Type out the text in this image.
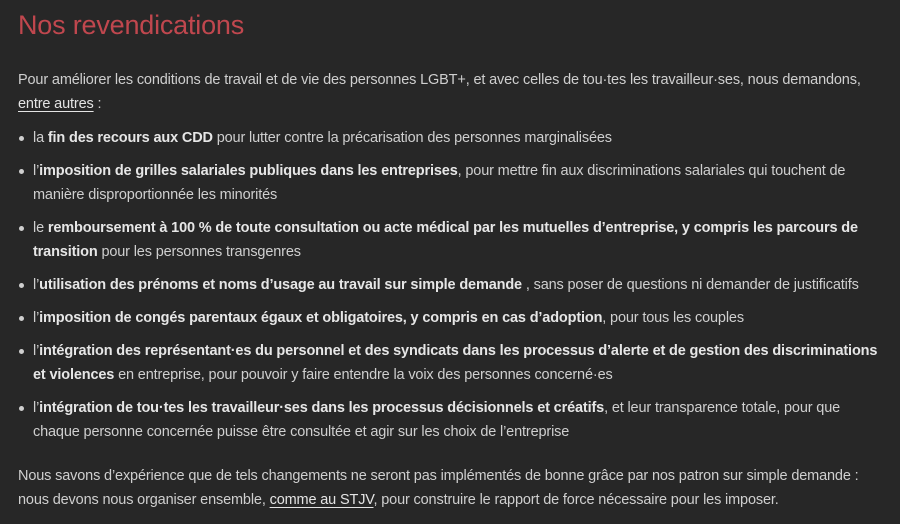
Nos revendications

Pour améliorer les conditions de travail et de vie des personnes LGBT+, et avec celles de tou·tes les travailleur·ses, nous demandons, entre autres :

la fin des recours aux CDD pour lutter contre la précarisation des personnes marginalisées
l’imposition de grilles salariales publiques dans les entreprises, pour mettre fin aux discriminations salariales qui touchent de manière disproportionnée les minorités
le remboursement à 100 % de toute consultation ou acte médical par les mutuelles d’entreprise, y compris les parcours de transition pour les personnes transgenres
l’utilisation des prénoms et noms d’usage au travail sur simple demande , sans poser de questions ni demander de justificatifs
l’imposition de congés parentaux égaux et obligatoires, y compris en cas d’adoption, pour tous les couples
l’intégration des représentant·es du personnel et des syndicats dans les processus d’alerte et de gestion des discriminations et violences en entreprise, pour pouvoir y faire entendre la voix des personnes concerné·es
l’intégration de tou·tes les travailleur·ses dans les processus décisionnels et créatifs, et leur transparence totale, pour que chaque personne concernée puisse être consultée et agir sur les choix de l’entreprise

Nous savons d’expérience que de tels changements ne seront pas implémentés de bonne grâce par nos patron sur simple demande : nous devons nous organiser ensemble, comme au STJV, pour construire le rapport de force nécessaire pour les imposer.
